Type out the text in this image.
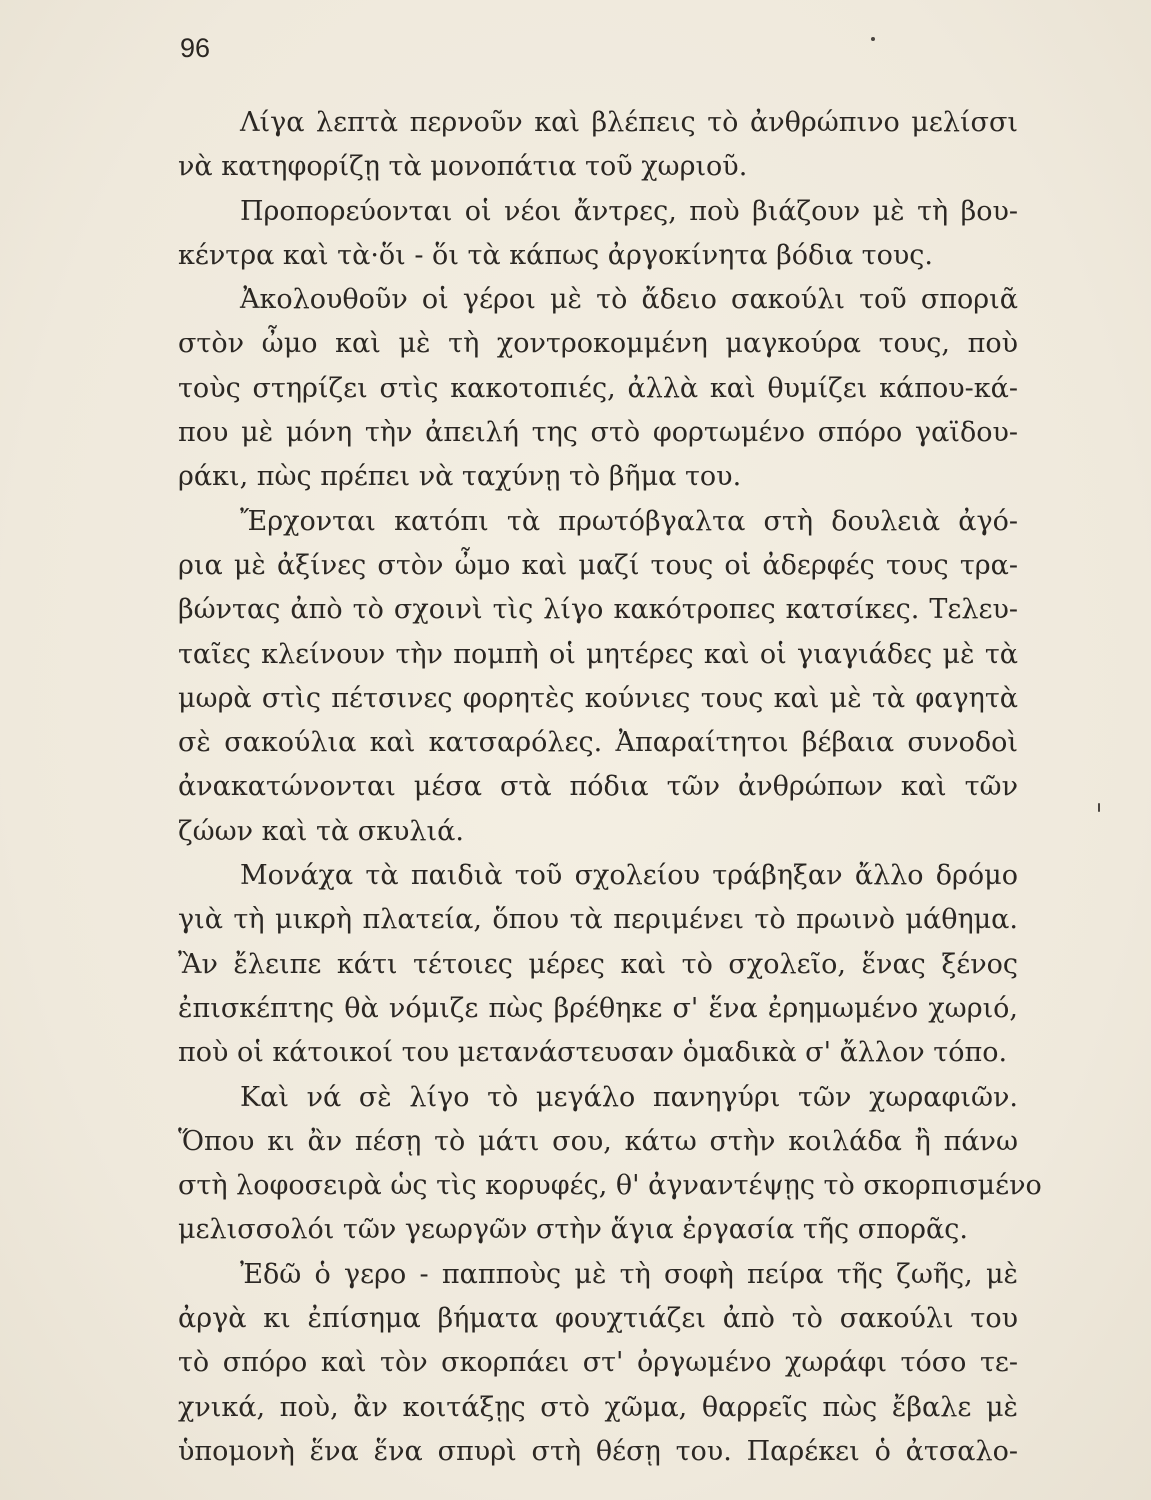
96
Λίγα λεπτὰ περνοῦν καὶ βλέπεις τὸ ἀνθρώπινο μελίσσι
νὰ κατηφορίζῃ τὰ μονοπάτια τοῦ χωριοῦ.
Προπορεύονται οἱ νέοι ἄντρες, ποὺ βιάζουν μὲ τὴ βου-
κέντρα καὶ τὰ·ὅι - ὅι τὰ κάπως ἀργοκίνητα βόδια τους.
Ἀκολουθοῦν οἱ γέροι μὲ τὸ ἄδειο σακούλι τοῦ σποριᾶ
στὸν ὦμο καὶ μὲ τὴ χοντροκομμένη μαγκούρα τους, ποὺ
τοὺς στηρίζει στὶς κακοτοπιές, ἀλλὰ καὶ θυμίζει κάπου-κά-
που μὲ μόνη τὴν ἀπειλή της στὸ φορτωμένο σπόρο γαϊδου-
ράκι, πὼς πρέπει νὰ ταχύνῃ τὸ βῆμα του.
Ἔρχονται κατόπι τὰ πρωτόβγαλτα στὴ δουλειὰ ἀγό-
ρια μὲ ἀξίνες στὸν ὦμο καὶ μαζί τους οἱ ἀδερφές τους τρα-
βώντας ἀπὸ τὸ σχοινὶ τὶς λίγο κακότροπες κατσίκες. Τελευ-
ταῖες κλείνουν τὴν πομπὴ οἱ μητέρες καὶ οἱ γιαγιάδες μὲ τὰ
μωρὰ στὶς πέτσινες φορητὲς κούνιες τους καὶ μὲ τὰ φαγητὰ
σὲ σακούλια καὶ κατσαρόλες. Ἀπαραίτητοι βέβαια συνοδοὶ
ἀνακατώνονται μέσα στὰ πόδια τῶν ἀνθρώπων καὶ τῶν
ζώων καὶ τὰ σκυλιά.
Μονάχα τὰ παιδιὰ τοῦ σχολείου τράβηξαν ἄλλο δρόμο
γιὰ τὴ μικρὴ πλατεία, ὅπου τὰ περιμένει τὸ πρωινὸ μάθημα.
Ἂν ἔλειπε κάτι τέτοιες μέρες καὶ τὸ σχολεῖο, ἕνας ξένος
ἐπισκέπτης θὰ νόμιζε πὼς βρέθηκε σ' ἕνα ἐρημωμένο χωριό,
ποὺ οἱ κάτοικοί του μετανάστευσαν ὁμαδικὰ σ' ἄλλον τόπο.
Καὶ νά σὲ λίγο τὸ μεγάλο πανηγύρι τῶν χωραφιῶν.
Ὅπου κι ἂν πέσῃ τὸ μάτι σου, κάτω στὴν κοιλάδα ἢ πάνω
στὴ λοφοσειρὰ ὡς τὶς κορυφές, θ' ἀγναντέψῃς τὸ σκορπισμένο
μελισσολόι τῶν γεωργῶν στὴν ἅγια ἐργασία τῆς σπορᾶς.
Ἐδῶ ὁ γερο - παπποὺς μὲ τὴ σοφὴ πείρα τῆς ζωῆς, μὲ
ἀργὰ κι ἐπίσημα βήματα φουχτιάζει ἀπὸ τὸ σακούλι του
τὸ σπόρο καὶ τὸν σκορπάει στ' ὀργωμένο χωράφι τόσο τε-
χνικά, ποὺ, ἂν κοιτάξῃς στὸ χῶμα, θαρρεῖς πὼς ἔβαλε μὲ
ὑπομονὴ ἕνα ἕνα σπυρὶ στὴ θέσῃ του. Παρέκει ὁ ἀτσαλο-
